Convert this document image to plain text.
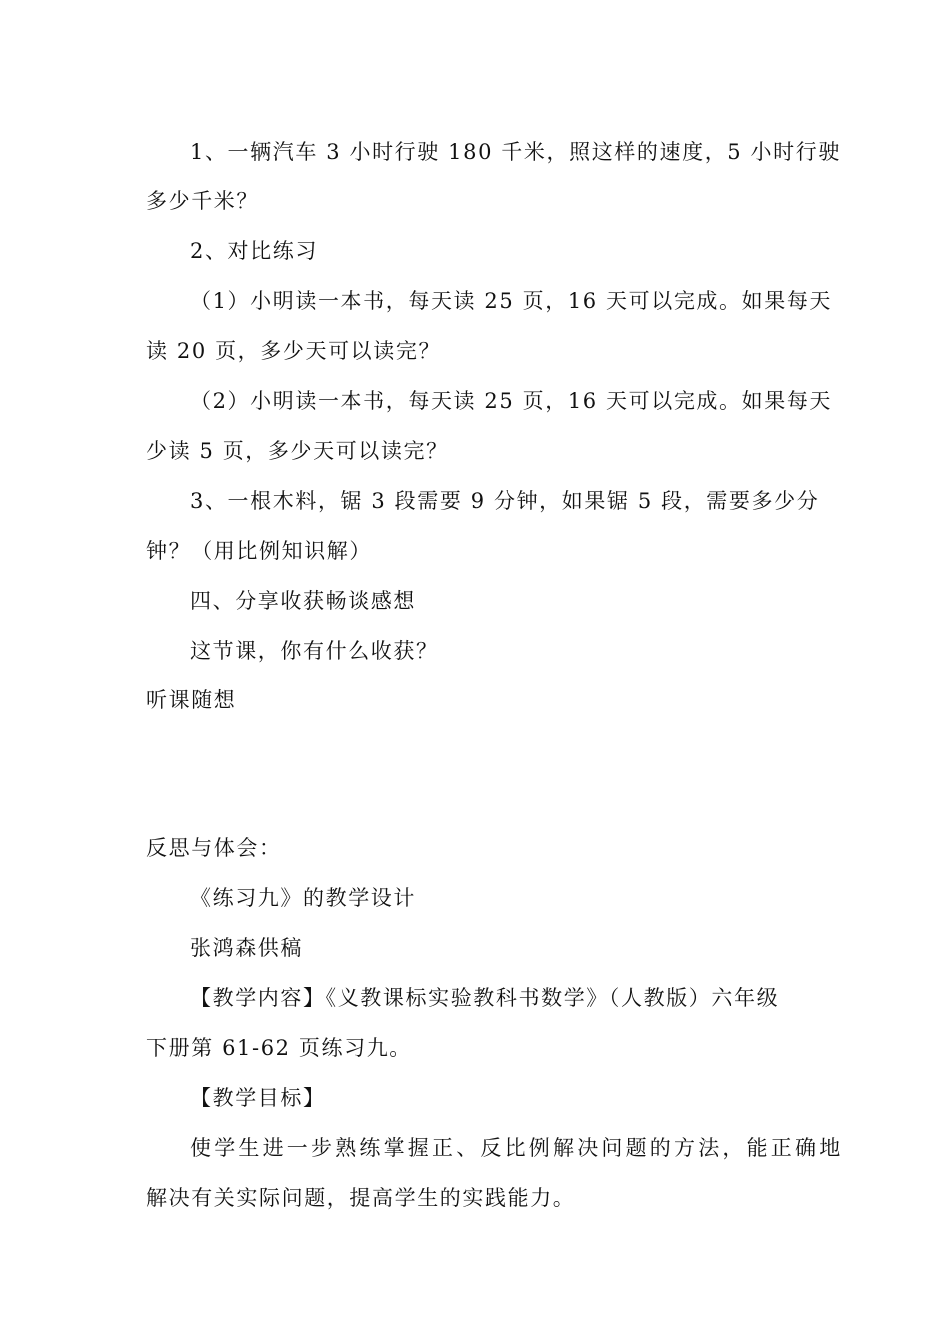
1、一辆汽车 3 小时行驶 180 千米，照这样的速度，5 小时行驶
多少千米？
2、对比练习
（1）小明读一本书，每天读 25 页，16 天可以完成。如果每天
读 20 页，多少天可以读完？
（2）小明读一本书，每天读 25 页，16 天可以完成。如果每天
少读 5 页，多少天可以读完？
3、一根木料，锯 3 段需要 9 分钟，如果锯 5 段，需要多少分
钟？（用比例知识解）
四、分享收获畅谈感想
这节课，你有什么收获？
听课随想
反思与体会：
《练习九》的教学设计
张鸿森供稿
【教学内容】《义教课标实验教科书数学》（人教版）六年级
下册第 61-62 页练习九。
【教学目标】
使学生进一步熟练掌握正、反比例解决问题的方法，能正确地
解决有关实际问题，提高学生的实践能力。
